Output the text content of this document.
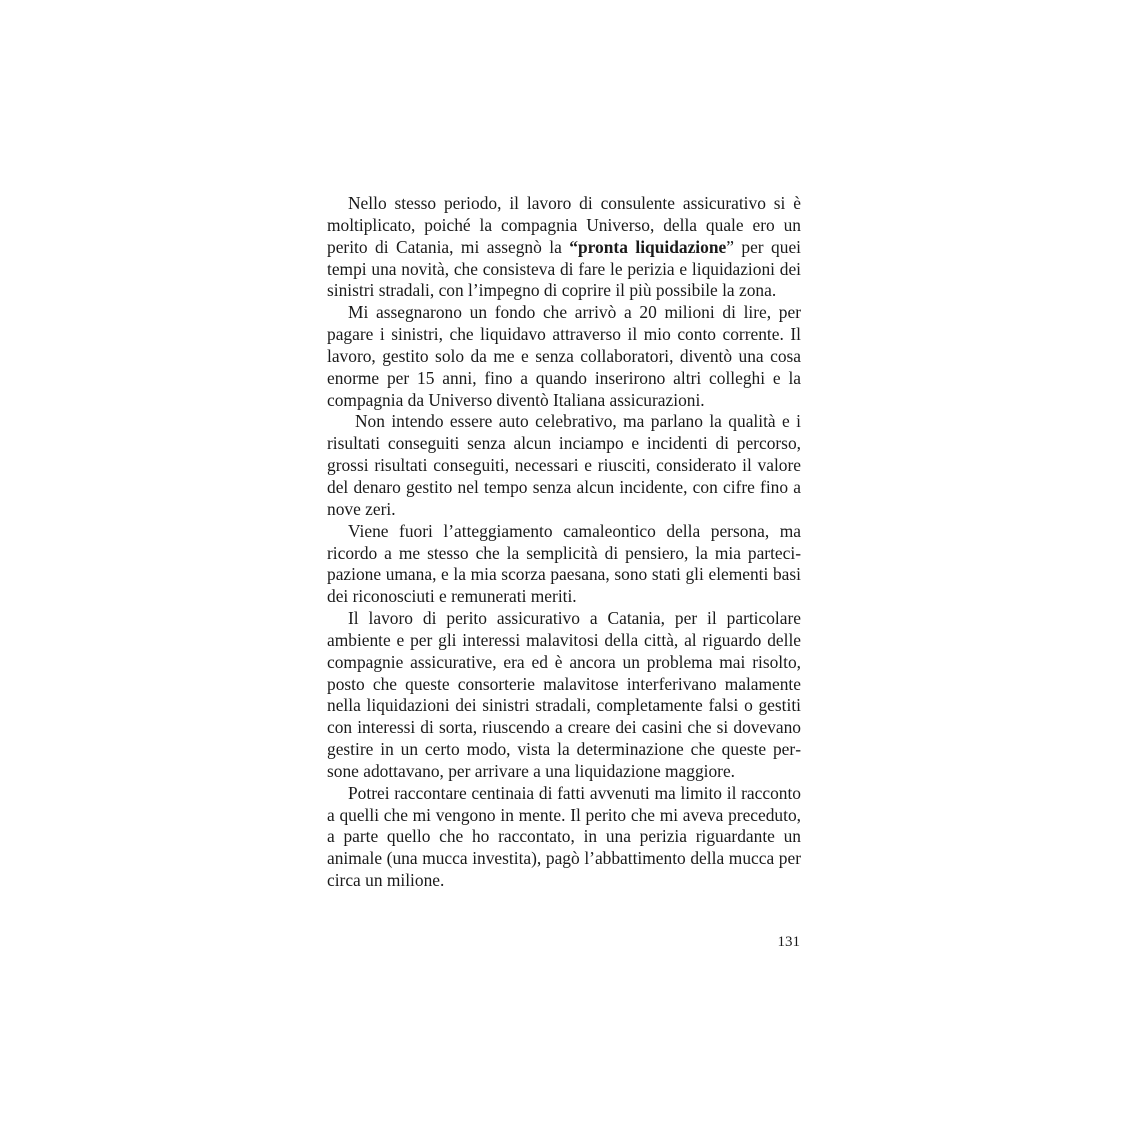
Nello stesso periodo, il lavoro di consulente assicurativo si è moltiplicato, poiché la compagnia Universo, della quale ero un perito di Catania, mi assegnò la “pronta liquidazione” per quei tempi una novità, che consisteva di fare le perizia e liquidazioni dei sinistri stradali, con l’impegno di coprire il più possibile la zona.

Mi assegnarono un fondo che arrivò a 20 milioni di lire, per pagare i sinistri, che liquidavo attraverso il mio conto corrente. Il lavoro, gestito solo da me e senza collaboratori, diventò una cosa enorme per 15 anni, fino a quando inserirono altri colleghi e la compagnia da Universo diventò Italiana assicurazioni.

Non intendo essere auto celebrativo, ma parlano la qualità e i risultati conseguiti senza alcun inciampo e incidenti di percorso, grossi risultati conseguiti, necessari e riusciti, considerato il valore del denaro gestito nel tempo senza alcun incidente, con cifre fino a nove zeri.

Viene fuori l’atteggiamento camaleontico della persona, ma ricordo a me stesso che la semplicità di pensiero, la mia partecipazione umana, e la mia scorza paesana, sono stati gli elementi basi dei riconosciuti e remunerati meriti.

Il lavoro di perito assicurativo a Catania, per il particolare ambiente e per gli interessi malavitosi della città, al riguardo delle compagnie assicurative, era ed è ancora un problema mai risolto, posto che queste consorterie malavitose interferivano malamente nella liquidazioni dei sinistri stradali, completamente falsi o gestiti con interessi di sorta, riuscendo a creare dei casini che si dovevano gestire in un certo modo, vista la determinazione che queste persone adottavano, per arrivare a una liquidazione maggiore.

Potrei raccontare centinaia di fatti avvenuti ma limito il racconto a quelli che mi vengono in mente. Il perito che mi aveva preceduto, a parte quello che ho raccontato, in una perizia riguardante un animale (una mucca investita), pagò l’abbattimento della mucca per circa un milione.

131
